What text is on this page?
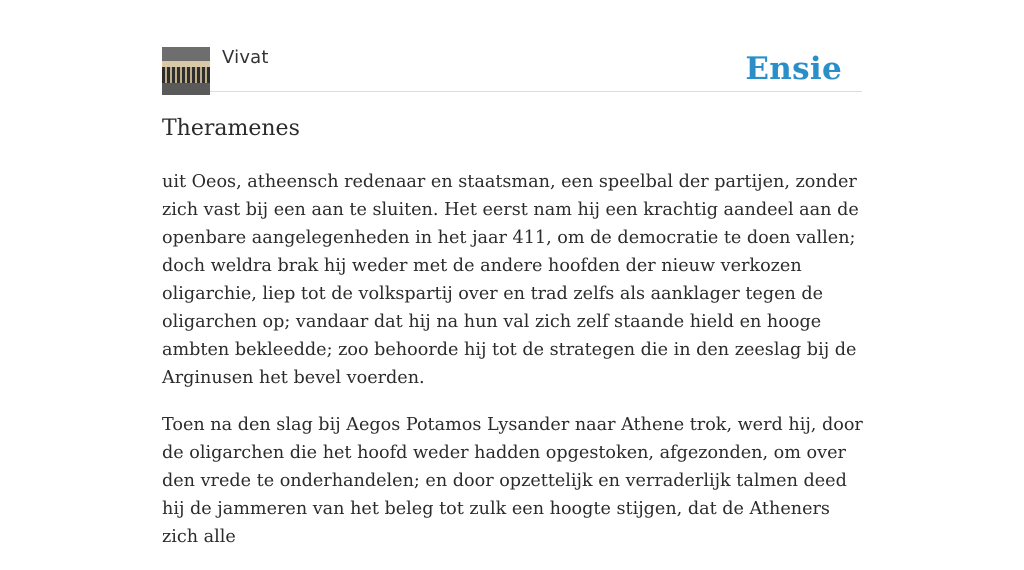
Vivat	Ensie
Theramenes

uit Oeos, atheensch redenaar en staatsman, een speelbal der partijen, zonder zich vast bij een aan te sluiten. Het eerst nam hij een krachtig aandeel aan de openbare aangelegenheden in het jaar 411, om de democratie te doen vallen; doch weldra brak hij weder met de andere hoofden der nieuw verkozen oligarchie, liep tot de volkspartij over en trad zelfs als aanklager tegen de oligarchen op; vandaar dat hij na hun val zich zelf staande hield en hooge ambten bekleedde; zoo behoorde hij tot de strategen die in den zeeslag bij de Arginusen het bevel voerden.

Toen na den slag bij Aegos Potamos Lysander naar Athene trok, werd hij, door de oligarchen die het hoofd weder hadden opgestoken, afgezonden, om over den vrede te onderhandelen; en door opzettelijk en verraderlijk talmen deed hij de jammeren van het beleg tot zulk een hoogte stijgen, dat de Atheners zich alle
